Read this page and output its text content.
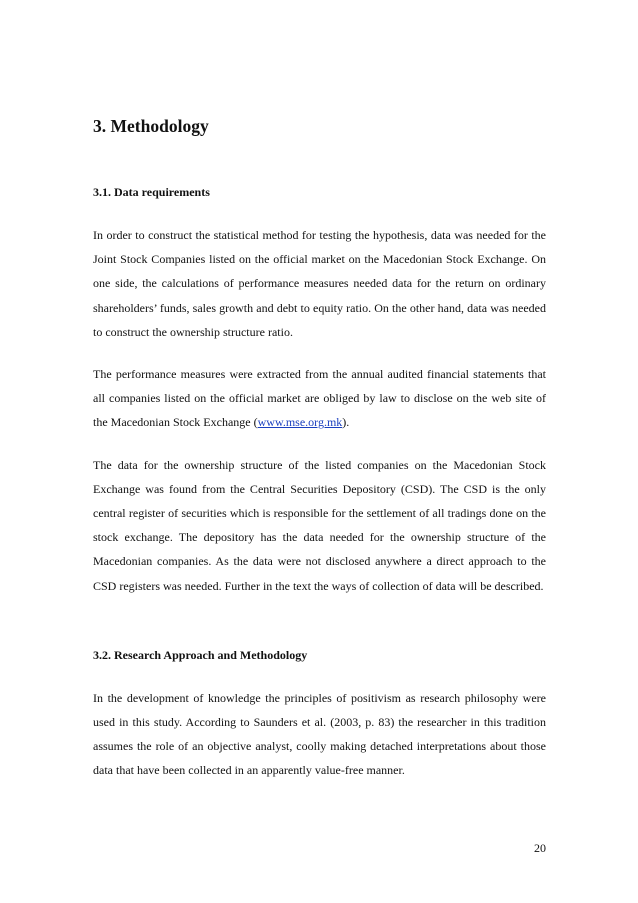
3. Methodology
3.1. Data requirements

In order to construct the statistical method for testing the hypothesis, data was needed for the Joint Stock Companies listed on the official market on the Macedonian Stock Exchange. On one side, the calculations of performance measures needed data for the return on ordinary shareholders’ funds, sales growth and debt to equity ratio. On the other hand, data was needed to construct the ownership structure ratio.

The performance measures were extracted from the annual audited financial statements that all companies listed on the official market are obliged by law to disclose on the web site of the Macedonian Stock Exchange (www.mse.org.mk).

The data for the ownership structure of the listed companies on the Macedonian Stock Exchange was found from the Central Securities Depository (CSD). The CSD is the only central register of securities which is responsible for the settlement of all tradings done on the stock exchange. The depository has the data needed for the ownership structure of the Macedonian companies. As the data were not disclosed anywhere a direct approach to the CSD registers was needed. Further in the text the ways of collection of data will be described.

3.2. Research Approach and Methodology

In the development of knowledge the principles of positivism as research philosophy were used in this study. According to Saunders et al. (2003, p. 83) the researcher in this tradition assumes the role of an objective analyst, coolly making detached interpretations about those data that have been collected in an apparently value-free manner.

20
